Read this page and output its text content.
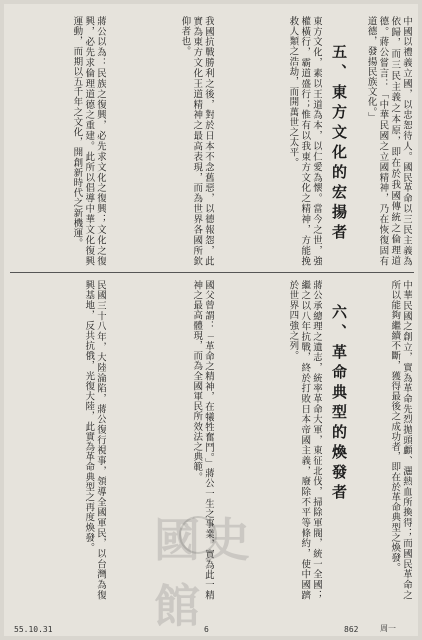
中國以禮義立國，以忠恕待人。國民革命以三民主義為依歸，而三民主義之本原，即在於我國傳統之倫理道德。蔣公嘗言：「中華民國之立國精神，乃在恢復固有道德，發揚民族文化。」
五、東方文化的宏揚者
東方文化，素以王道為本，以仁愛為懷。當今之世，強權橫行，霸道盛行；惟有以我東方文化之精神，方能挽救人類之浩劫，而開萬世之太平。
我國抗戰勝利之後，對於日本不念舊惡，以德報怨，此實為東方文化王道精神之最高表現，而為世界各國所欽仰者也。
蔣公以為：民族之復興，必先求文化之復興；文化之復興，必先求倫理道德之重建。此所以倡導中華文化復興運動，而期以五千年之文化，開創新時代之新機運。
中華民國之創立，實為革命先烈拋頭顱、灑熱血所換得；而國民革命之所以能夠繼續不斷，獲得最後之成功者，即在於革命典型之煥發。
六、革命典型的煥發者
蔣公承總理之遺志，統率革命大軍，東征北伐，掃除軍閥，統一全國；繼之以八年抗戰，終於打敗日本帝國主義，廢除不平等條約，使中國躋於世界四強之列。
國父曾謂：「革命之精神，在犧牲奮鬥。」蔣公一生之事業，實為此一精神之最高體現，而為全國軍民所效法之典範。
民國三十八年，大陸淪陷，蔣公復行視事，領導全國軍民，以台灣為復興基地，反共抗俄，光復大陸，此實為革命典型之再度煥發。 國史館
55.10.31	6	862	周一
